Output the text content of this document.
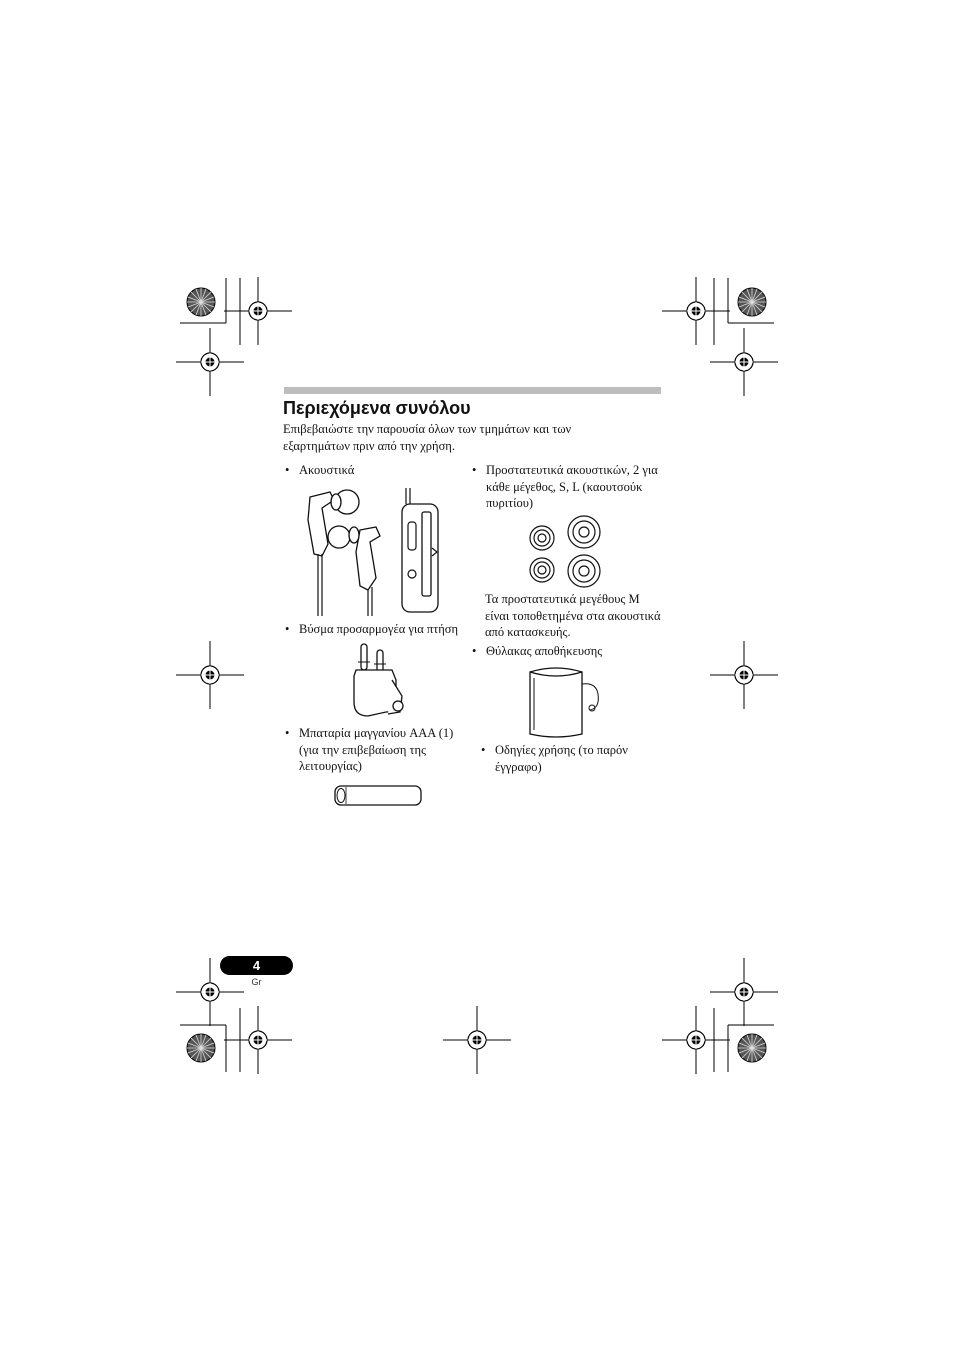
Περιεχόμενα συνόλου
Επιβεβαιώστε την παρουσία όλων των τμημάτων και των εξαρτημάτων πριν από την χρήση.
• Ακουστικά
• Βύσμα προσαρμογέα για πτήση
• Μπαταρία μαγγανίου AAA (1) (για την επιβεβαίωση της λειτουργίας)
• Προστατευτικά ακουστικών, 2 για κάθε μέγεθος, S, L (καουτσούκ πυριτίου)
Τα προστατευτικά μεγέθους M είναι τοποθετημένα στα ακουστικά από κατασκευής.
• Θύλακας αποθήκευσης
• Οδηγίες χρήσης (το παρόν έγγραφο)
4
Gr
